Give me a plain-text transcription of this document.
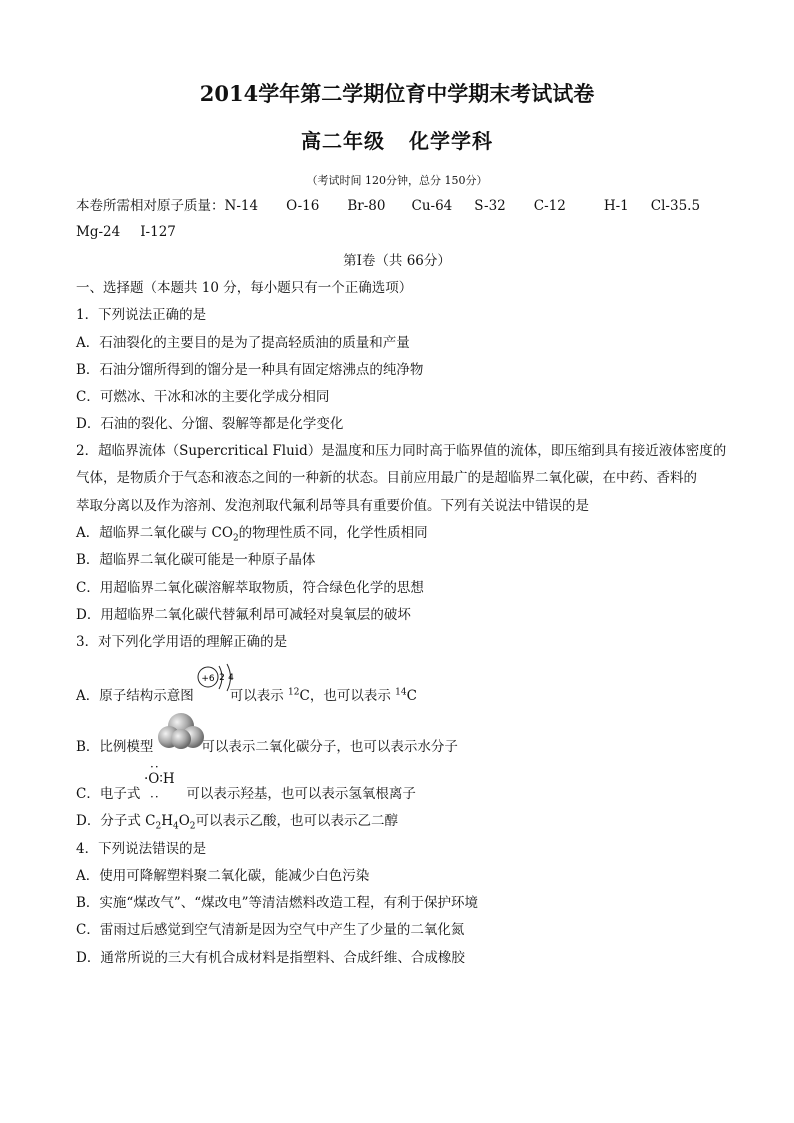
2014学年第二学期位育中学期末考试试卷
高二年级 化学学科
（考试时间 120分钟，总分 150分）
本卷所需相对原子质量：N-14 O-16 Br-80 Cu-64 S-32 C-12	H-1 Cl-35.5
Mg-24 I-127
第Ⅰ卷（共 66分）
一、选择题（本题共 10 分，每小题只有一个正确选项）
1．下列说法正确的是
A．石油裂化的主要目的是为了提高轻质油的质量和产量
B．石油分馏所得到的馏分是一种具有固定熔沸点的纯净物
C．可燃冰、干冰和冰的主要化学成分相同
D．石油的裂化、分馏、裂解等都是化学变化
2．超临界流体（Supercritical Fluid）是温度和压力同时高于临界值的流体，即压缩到具有接近液体密度的
气体，是物质介于气态和液态之间的一种新的状态。目前应用最广的是超临界二氧化碳，在中药、香料的
萃取分离以及作为溶剂、发泡剂取代氟利昂等具有重要价值。下列有关说法中错误的是
A．超临界二氧化碳与 $CO_2$的物理性质不同，化学性质相同
B．超临界二氧化碳可能是一种原子晶体
C．用超临界二氧化碳溶解萃取物质，符合绿色化学的思想
D．用超临界二氧化碳代替氟利昂可减轻对臭氧层的破坏
3．对下列化学用语的理解正确的是
A．原子结构示意图	可以表示 $^{12}$C，也可以表示 $^{14}$C
+6 2 4
B．比例模型	可以表示二氧化碳分子，也可以表示水分子
C．电子式	可以表示羟基，也可以表示氢氧根离子
··
·O∶H
··
D．分子式 $C_2H_4O_2$可以表示乙酸，也可以表示乙二醇
4．下列说法错误的是
A．使用可降解塑料聚二氧化碳，能减少白色污染
B．实施“煤改气”、“煤改电”等清洁燃料改造工程，有利于保护环境
C．雷雨过后感觉到空气清新是因为空气中产生了少量的二氧化氮
D．通常所说的三大有机合成材料是指塑料、合成纤维、合成橡胶
